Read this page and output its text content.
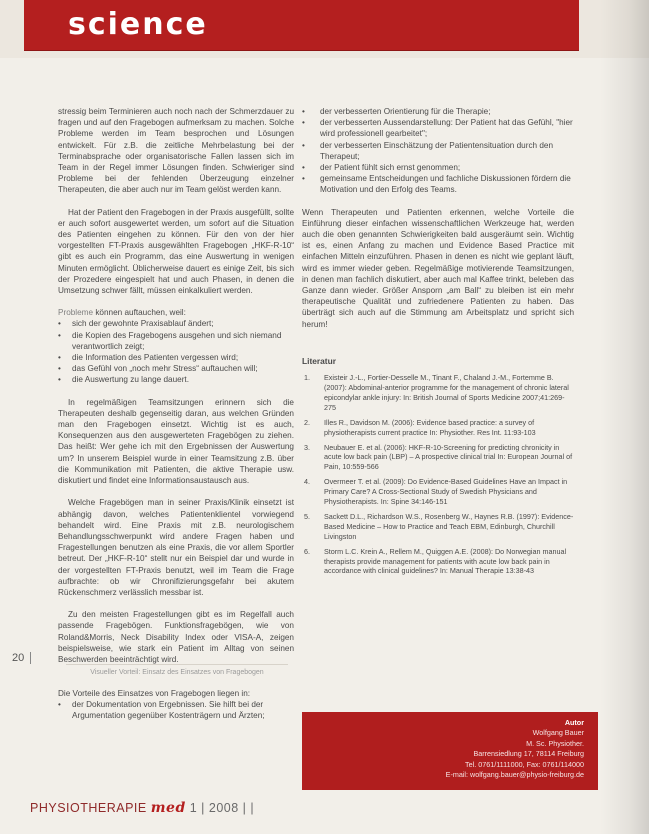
science

stressig beim Terminieren auch noch nach der Schmerzdauer zu fragen und auf den Fragebogen aufmerksam zu machen. Solche Probleme werden im Team besprochen und Lösungen entwickelt. Für z.B. die zeitliche Mehrbelastung bei der Terminabsprache oder organisatorische Fallen lassen sich im Team in der Regel immer Lösungen finden. Schwieriger sind Probleme bei der fehlenden Überzeugung einzelner Therapeuten, die aber auch nur im Team gelöst werden kann.

Hat der Patient den Fragebogen in der Praxis ausgefüllt, sollte er auch sofort ausgewertet werden, um sofort auf die Situation des Patienten eingehen zu können. Für den von der hier vorgestellten FT-Praxis ausgewählten Fragebogen „HKF-R-10“ gibt es auch ein Programm, das eine Auswertung in wenigen Minuten ermöglicht. Üblicherweise dauert es einige Zeit, bis sich der Prozedere eingespielt hat und auch Phasen, in denen die Umsetzung schwer fällt, müssen einkalkuliert werden.

Probleme können auftauchen, weil:

• sich der gewohnte Praxisablauf ändert;
• die Kopien des Fragebogens ausgehen und sich niemand verantwortlich zeigt;
• die Information des Patienten vergessen wird;
• das Gefühl von „noch mehr Stress“ auftauchen will;
• die Auswertung zu lange dauert.

In regelmäßigen Teamsitzungen erinnern sich die Therapeuten deshalb gegenseitig daran, aus welchen Gründen man den Fragebogen einsetzt. Wichtig ist es auch, Konsequenzen aus den ausgewerteten Fragebögen zu ziehen. Das heißt: Wer gehe ich mit den Ergebnissen der Auswertung um? In unserem Beispiel wurde in einer Teamsitzung z.B. über die Kommunikation mit Patienten, die aktive Therapie usw. diskutiert und findet eine Informationsaustausch aus.

Welche Fragebögen man in seiner Praxis/Klinik einsetzt ist abhängig davon, welches Patientenklientel vorwiegend behandelt wird. Eine Praxis mit z.B. neurologischem Behandlungsschwerpunkt wird andere Fragen haben und Fragestellungen benutzen als eine Praxis, die vor allem Sportler betreut. Der „HKF-R-10“ stellt nur ein Beispiel dar und wurde in der vorgestellten FT-Praxis benutzt, weil im Team die Frage aufbrachte: ob wir Chronifizierungsgefahr bei akutem Rückenschmerz verlässlich messbar ist.

Zu den meisten Fragestellungen gibt es im Regelfall auch passende Fragebögen. Funktionsfragebögen, wie von Roland&Morris, Neck Disability Index oder VISA-A, zeigen beispielsweise, wie stark ein Patient im Alltag von seinen Beschwerden beeinträchtigt wird.

Visueller Vorteil: Einsatz des Einsatzes von Fragebogen

Die Vorteile des Einsatzes von Fragebogen liegen in:

• der Dokumentation von Ergebnissen. Sie hilft bei der Argumentation gegenüber Kostenträgern und Ärzten;
• der verbesserten Orientierung für die Therapie;
• der verbesserten Aussendarstellung: Der Patient hat das Gefühl, "hier wird professionell gearbeitet";
• der verbesserten Einschätzung der Patientensituation durch den Therapeut;
• der Patient fühlt sich ernst genommen;
• gemeinsame Entscheidungen und fachliche Diskussionen fördern die Motivation und den Erfolg des Teams.

Wenn Therapeuten und Patienten erkennen, welche Vorteile die Einführung dieser einfachen wissenschaftlichen Werkzeuge hat, werden auch die oben genannten Schwierigkeiten bald ausgeräumt sein. Wichtig ist es, einen Anfang zu machen und Evidence Based Practice mit einfachen Mitteln einzuführen. Phasen in denen es nicht wie geplant läuft, wird es immer wieder geben. Regelmäßige motivierende Teamsitzungen, in denen man fachlich diskutiert, aber auch mal Kaffee trinkt, beleben das Ganze dann wieder. Größer Ansporn „am Ball“ zu bleiben ist ein mehr therapeutische Qualität und zufriedenere Patienten zu haben. Das überträgt sich auch auf die Stimmung am Arbeitsplatz und spricht sich herum!

Literatur
1. Existeir J.-L., Fortier-Desselle M., Tinant F., Chaland J.-M., Fortemme B. (2007): Abdominal-anterior programme for the management of chronic lateral epicondylar ankle injury: In: British Journal of Sports Medicine 2007;41:269-275
2. Illes R., Davidson M. (2006): Evidence based practice: a survey of physiotherapists current practice In: Physiother. Res Int. 11:93-103
3. Neubauer E. et al. (2006): HKF-R-10-Screening for predicting chronicity in acute low back pain (LBP) – A prospective clinical trial In: European Journal of Pain, 10:559-566
4. Overmeer T. et al. (2009): Do Evidence-Based Guidelines Have an Impact in Primary Care? A Cross-Sectional Study of Swedish Physicians and Physiotherapists. In: Spine 34:146-151
5. Sackett D.L., Richardson W.S., Rosenberg W., Haynes R.B. (1997): Evidence-Based Medicine – How to Practice and Teach EBM, Edinburgh, Churchill Livingston
6. Storm L.C. Krein A., Rellem M., Quiggen A.E. (2008): Do Norwegian manual therapists provide management for patients with acute low back pain in accordance with clinical guidelines? In: Manual Therapie 13:38-43
Autor
Wolfgang Bauer
M. Sc. Physiother.
Barrensiedlung 17, 78114 Freiburg
Tel. 0761/1111000, Fax: 0761/114000
E-mail: wolfgang.bauer@physio-freiburg.de
20
PHYSIOTHERAPIE med 1 | 2008 | |
